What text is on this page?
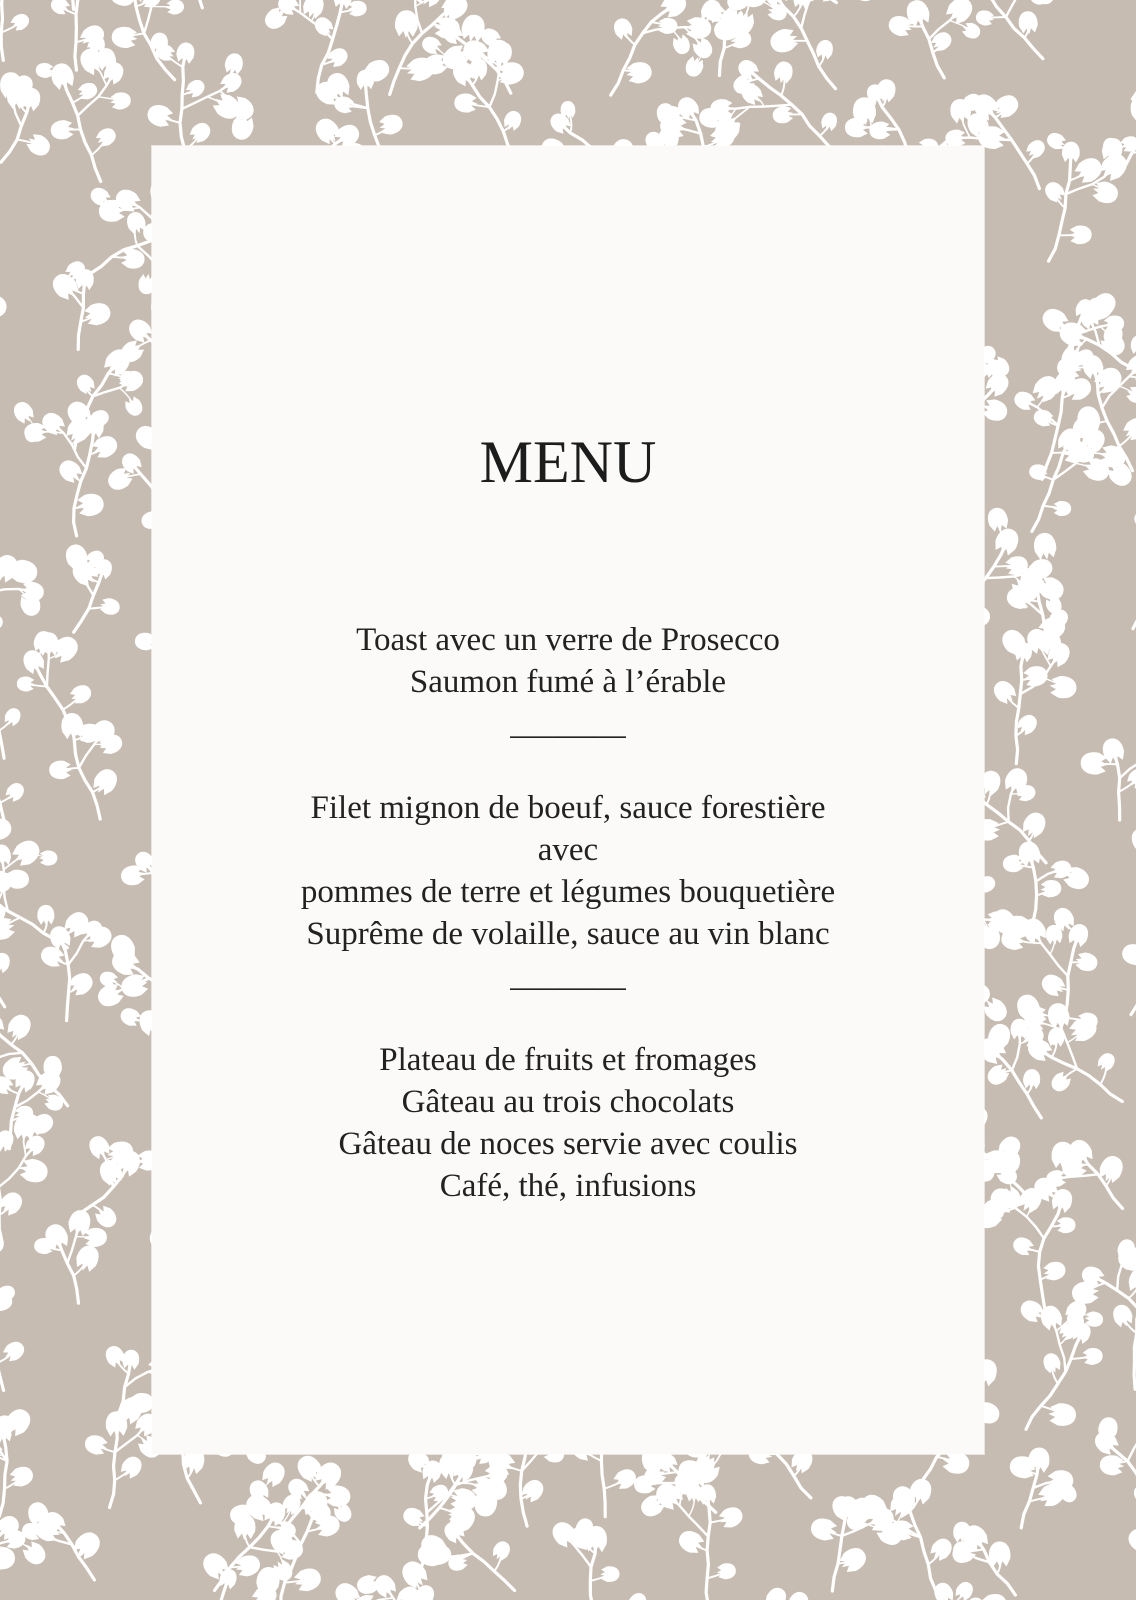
MENU
Toast avec un verre de Prosecco
Saumon fumé à l’érable
_______
Filet mignon de boeuf, sauce forestière
avec
pommes de terre et légumes bouquetière
Suprême de volaille, sauce au vin blanc
_______
Plateau de fruits et fromages
Gâteau au trois chocolats
Gâteau de noces servie avec coulis
Café, thé, infusions
